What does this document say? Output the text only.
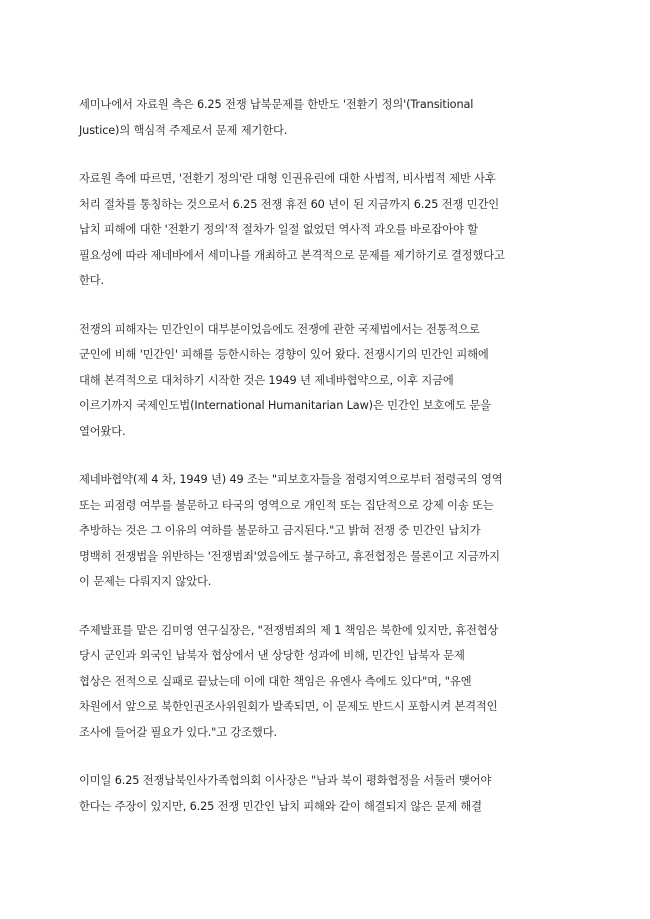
세미나에서 자료원 측은 6.25 전쟁 납북문제를 한반도 '전환기 정의'(Transitional
Justice)의 핵심적 주제로서 문제 제기한다.
자료원 측에 따르면, '전환기 정의'란 대형 인권유린에 대한 사법적, 비사법적 제반 사후
처리 절차를 통칭하는 것으로서 6.25 전쟁 휴전 60 년이 된 지금까지 6.25 전쟁 민간인
납치 피해에 대한 '전환기 정의'적 절차가 일절 없었던 역사적 과오를 바로잡아야 할
필요성에 따라 제네바에서 세미나를 개최하고 본격적으로 문제를 제기하기로 결정했다고
한다.
전쟁의 피해자는 민간인이 대부분이었음에도 전쟁에 관한 국제법에서는 전통적으로
군인에 비해 '민간인' 피해를 등한시하는 경향이 있어 왔다. 전쟁시기의 민간인 피해에
대해 본격적으로 대처하기 시작한 것은 1949 년 제네바협약으로, 이후 지금에
이르기까지 국제인도법(International Humanitarian Law)은 민간인 보호에도 문을
열어왔다.
제네바협약(제 4 차, 1949 년) 49 조는 "피보호자들을 점령지역으로부터 점령국의 영역
또는 피점령 여부를 불문하고 타국의 영역으로 개인적 또는 집단적으로 강제 이송 또는
추방하는 것은 그 이유의 여하를 불문하고 금지된다."고 밝혀 전쟁 중 민간인 납치가
명백히 전쟁법을 위반하는 '전쟁범죄'였음에도 불구하고, 휴전협정은 물론이고 지금까지
이 문제는 다뤄지지 않았다.
주제발표를 맡은 김미영 연구실장은, "전쟁범죄의 제 1 책임은 북한에 있지만, 휴전협상
당시 군인과 외국인 납북자 협상에서 낸 상당한 성과에 비해, 민간인 납북자 문제
협상은 전적으로 실패로 끝났는데 이에 대한 책임은 유엔사 측에도 있다"며, "유엔
차원에서 앞으로 북한인권조사위원회가 발족되면, 이 문제도 반드시 포함시켜 본격적인
조사에 들어갈 필요가 있다."고 강조했다.
이미일 6.25 전쟁납북인사가족협의회 이사장은 "남과 북이 평화협정을 서둘러 맺어야
한다는 주장이 있지만, 6.25 전쟁 민간인 납치 피해와 같이 해결되지 않은 문제 해결
